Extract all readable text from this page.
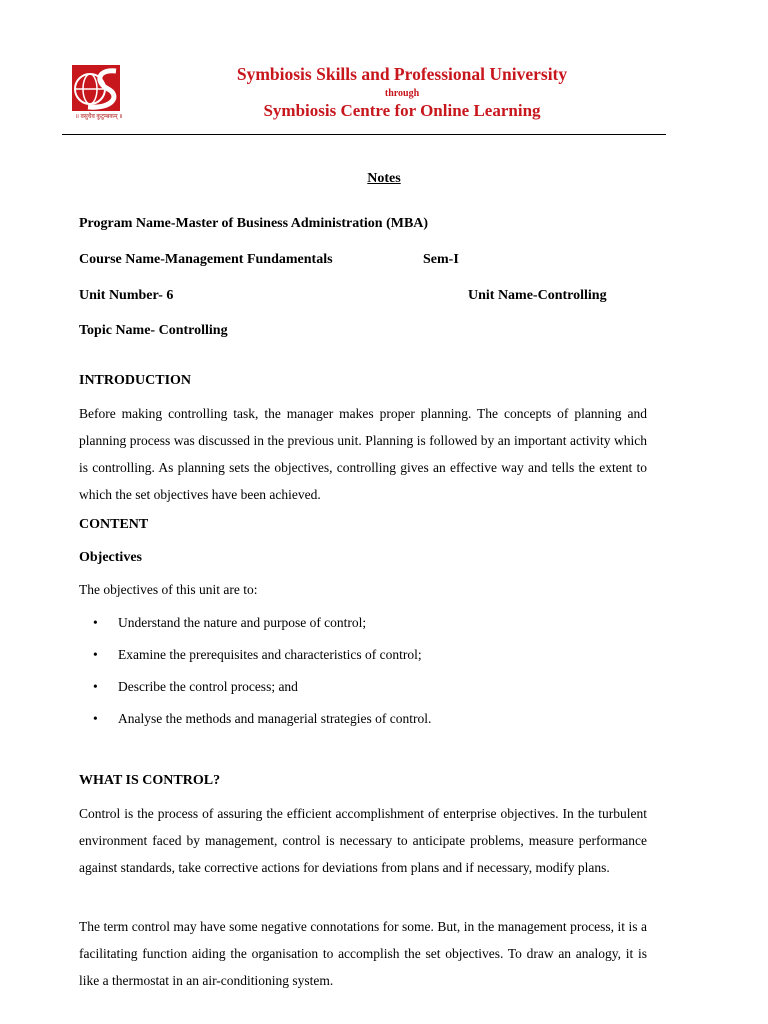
॥ वसुधैव कुटुम्बकम् ॥
Symbiosis Skills and Professional University
through
Symbiosis Centre for Online Learning
Notes
Program Name-Master of Business Administration (MBA)
Course Name-Management Fundamentals	Sem-I
Unit Number- 6	Unit Name-Controlling
Topic Name- Controlling
INTRODUCTION
Before making controlling task, the manager makes proper planning. The concepts of planning and planning process was discussed in the previous unit. Planning is followed by an important activity which is controlling. As planning sets the objectives, controlling gives an effective way and tells the extent to which the set objectives have been achieved.
CONTENT
Objectives
The objectives of this unit are to:
• Understand the nature and purpose of control;
• Examine the prerequisites and characteristics of control;
• Describe the control process; and
• Analyse the methods and managerial strategies of control.
WHAT IS CONTROL?
Control is the process of assuring the efficient accomplishment of enterprise objectives. In the turbulent environment faced by management, control is necessary to anticipate problems, measure performance against standards, take corrective actions for deviations from plans and if necessary, modify plans.
The term control may have some negative connotations for some. But, in the management process, it is a facilitating function aiding the organisation to accomplish the set objectives. To draw an analogy, it is like a thermostat in an air-conditioning system.
